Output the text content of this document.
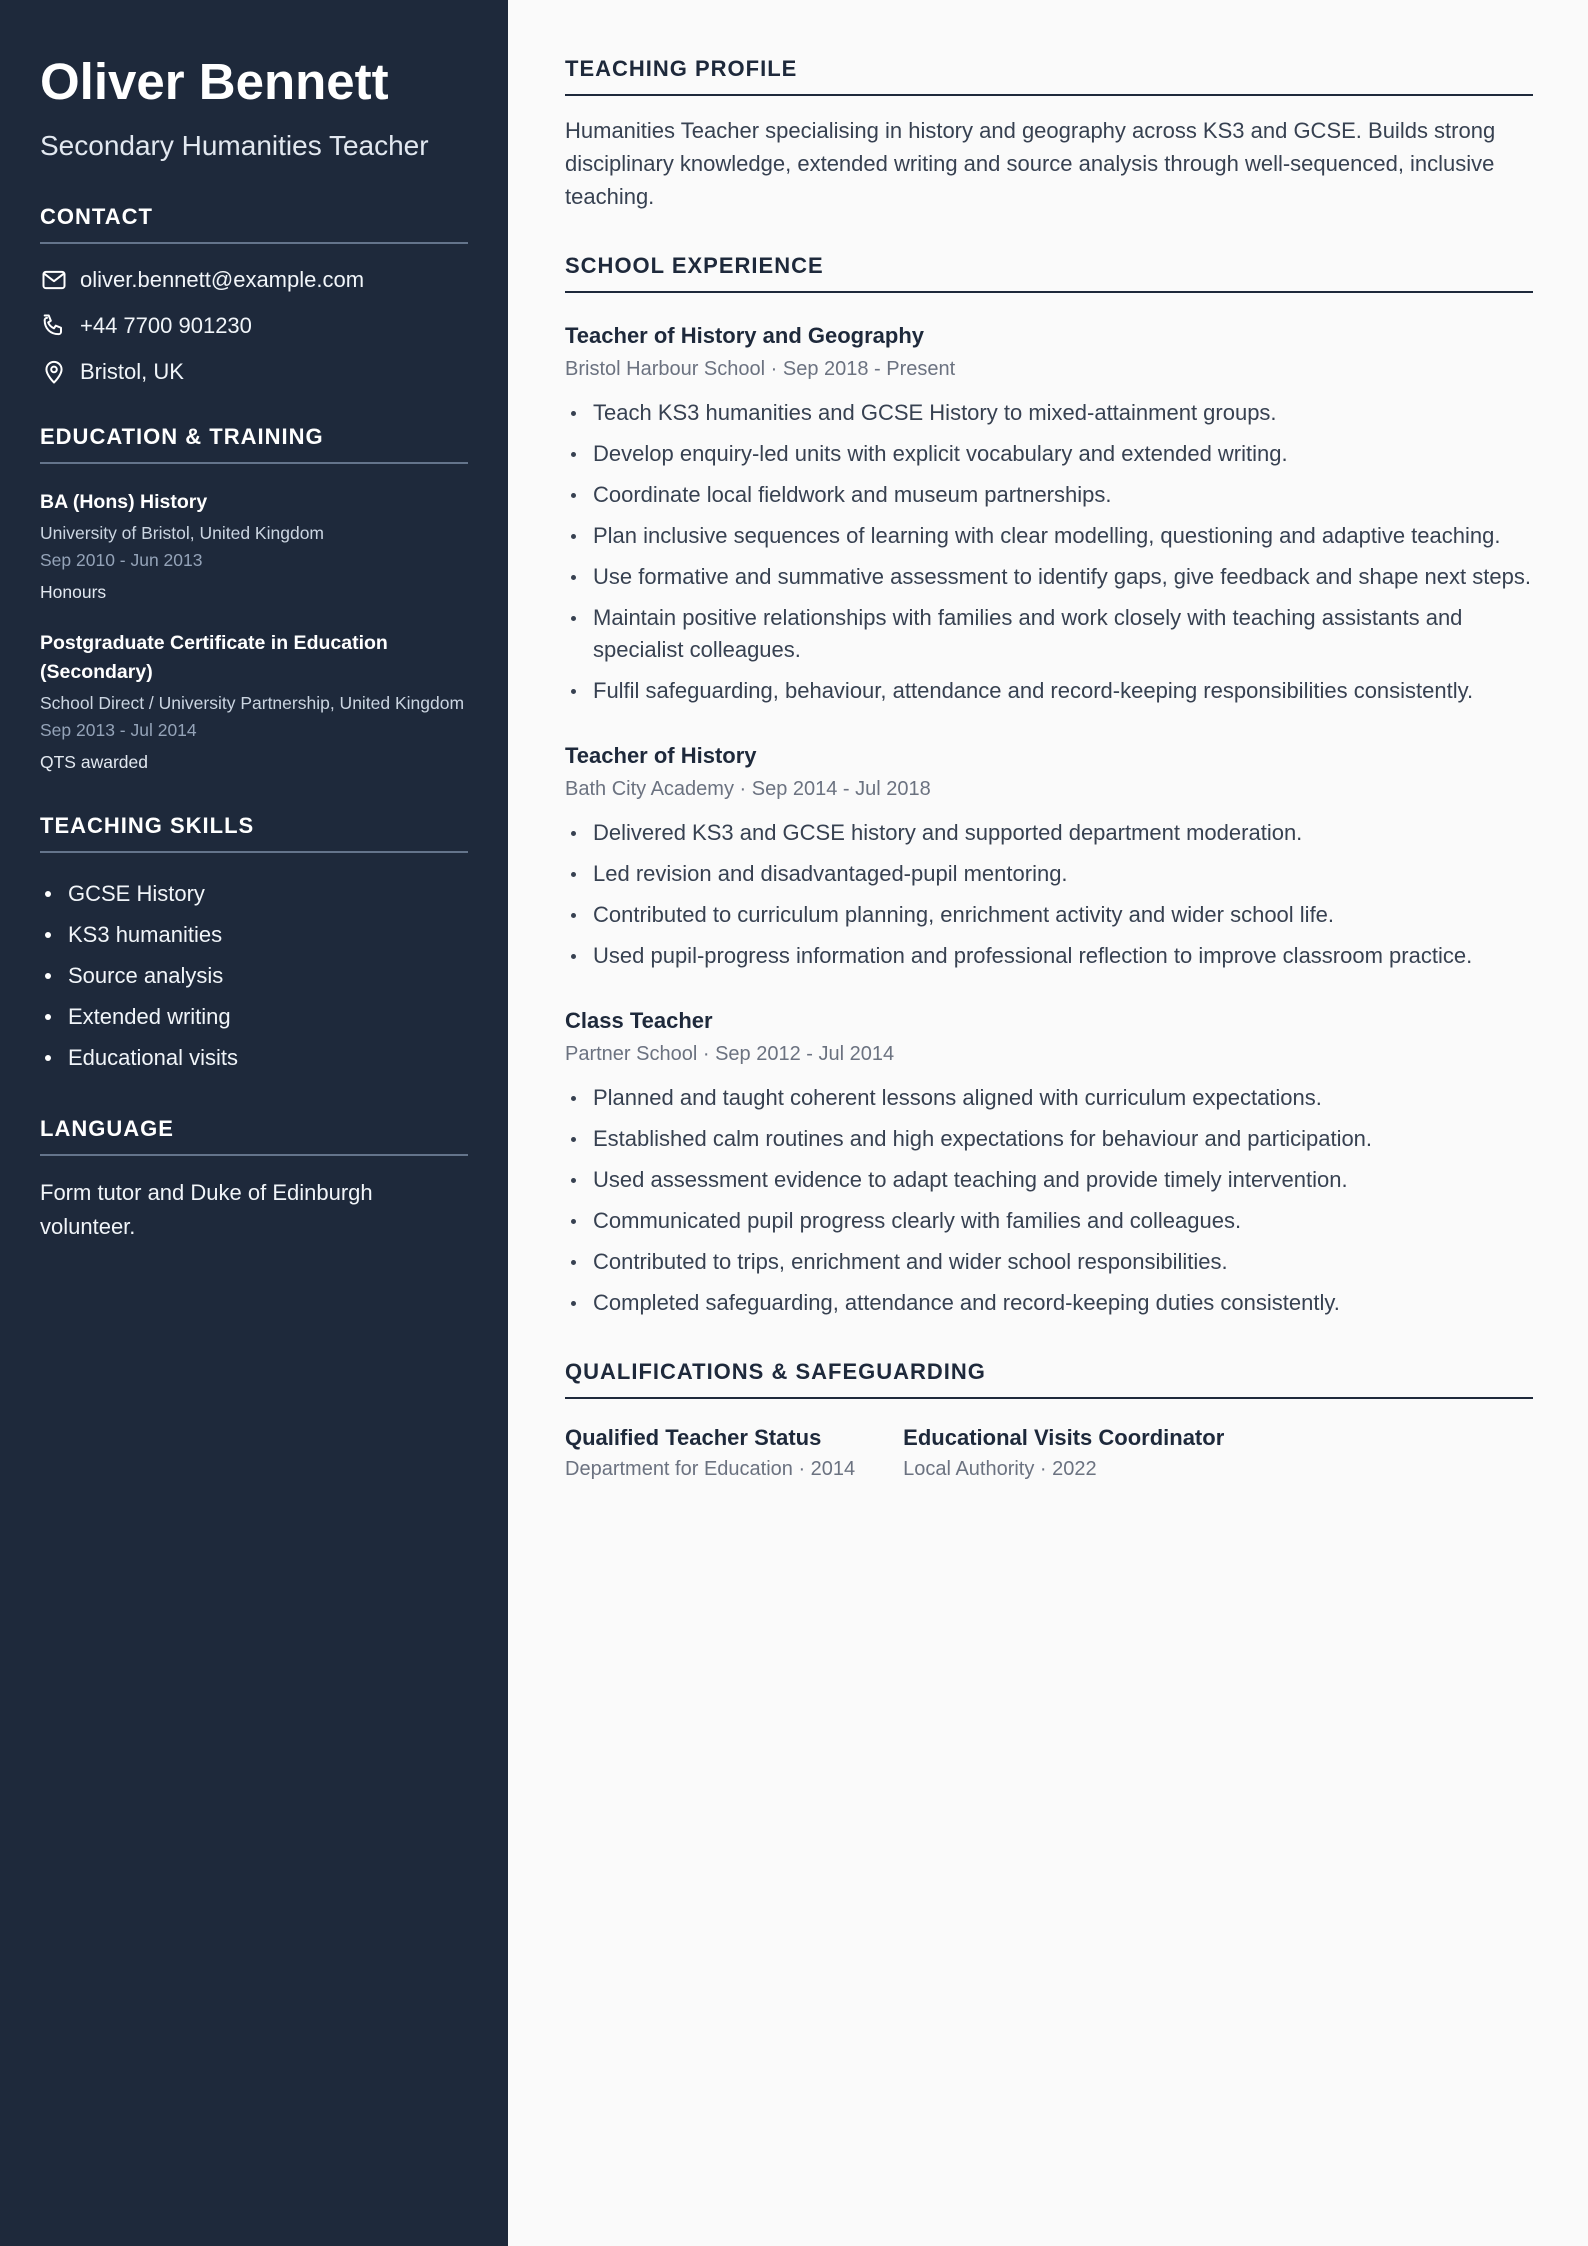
Oliver Bennett
Secondary Humanities Teacher
CONTACT
oliver.bennett@example.com
+44 7700 901230
Bristol, UK
EDUCATION & TRAINING
BA (Hons) History
University of Bristol, United Kingdom
Sep 2010 - Jun 2013
Honours
Postgraduate Certificate in Education (Secondary)
School Direct / University Partnership, United Kingdom
Sep 2013 - Jul 2014
QTS awarded
TEACHING SKILLS
GCSE History
KS3 humanities
Source analysis
Extended writing
Educational visits
LANGUAGE

Form tutor and Duke of Edinburgh volunteer.

TEACHING PROFILE

Humanities Teacher specialising in history and geography across KS3 and GCSE. Builds strong disciplinary knowledge, extended writing and source analysis through well-sequenced, inclusive teaching.

SCHOOL EXPERIENCE
Teacher of History and Geography
Bristol Harbour School · Sep 2018 - Present
Teach KS3 humanities and GCSE History to mixed-attainment groups.
Develop enquiry-led units with explicit vocabulary and extended writing.
Coordinate local fieldwork and museum partnerships.
Plan inclusive sequences of learning with clear modelling, questioning and adaptive teaching.
Use formative and summative assessment to identify gaps, give feedback and shape next steps.
Maintain positive relationships with families and work closely with teaching assistants and specialist colleagues.
Fulfil safeguarding, behaviour, attendance and record-keeping responsibilities consistently.
Teacher of History
Bath City Academy · Sep 2014 - Jul 2018
Delivered KS3 and GCSE history and supported department moderation.
Led revision and disadvantaged-pupil mentoring.
Contributed to curriculum planning, enrichment activity and wider school life.
Used pupil-progress information and professional reflection to improve classroom practice.
Class Teacher
Partner School · Sep 2012 - Jul 2014
Planned and taught coherent lessons aligned with curriculum expectations.
Established calm routines and high expectations for behaviour and participation.
Used assessment evidence to adapt teaching and provide timely intervention.
Communicated pupil progress clearly with families and colleagues.
Contributed to trips, enrichment and wider school responsibilities.
Completed safeguarding, attendance and record-keeping duties consistently.
QUALIFICATIONS & SAFEGUARDING
Qualified Teacher Status
Department for Education · 2014
Educational Visits Coordinator
Local Authority · 2022
